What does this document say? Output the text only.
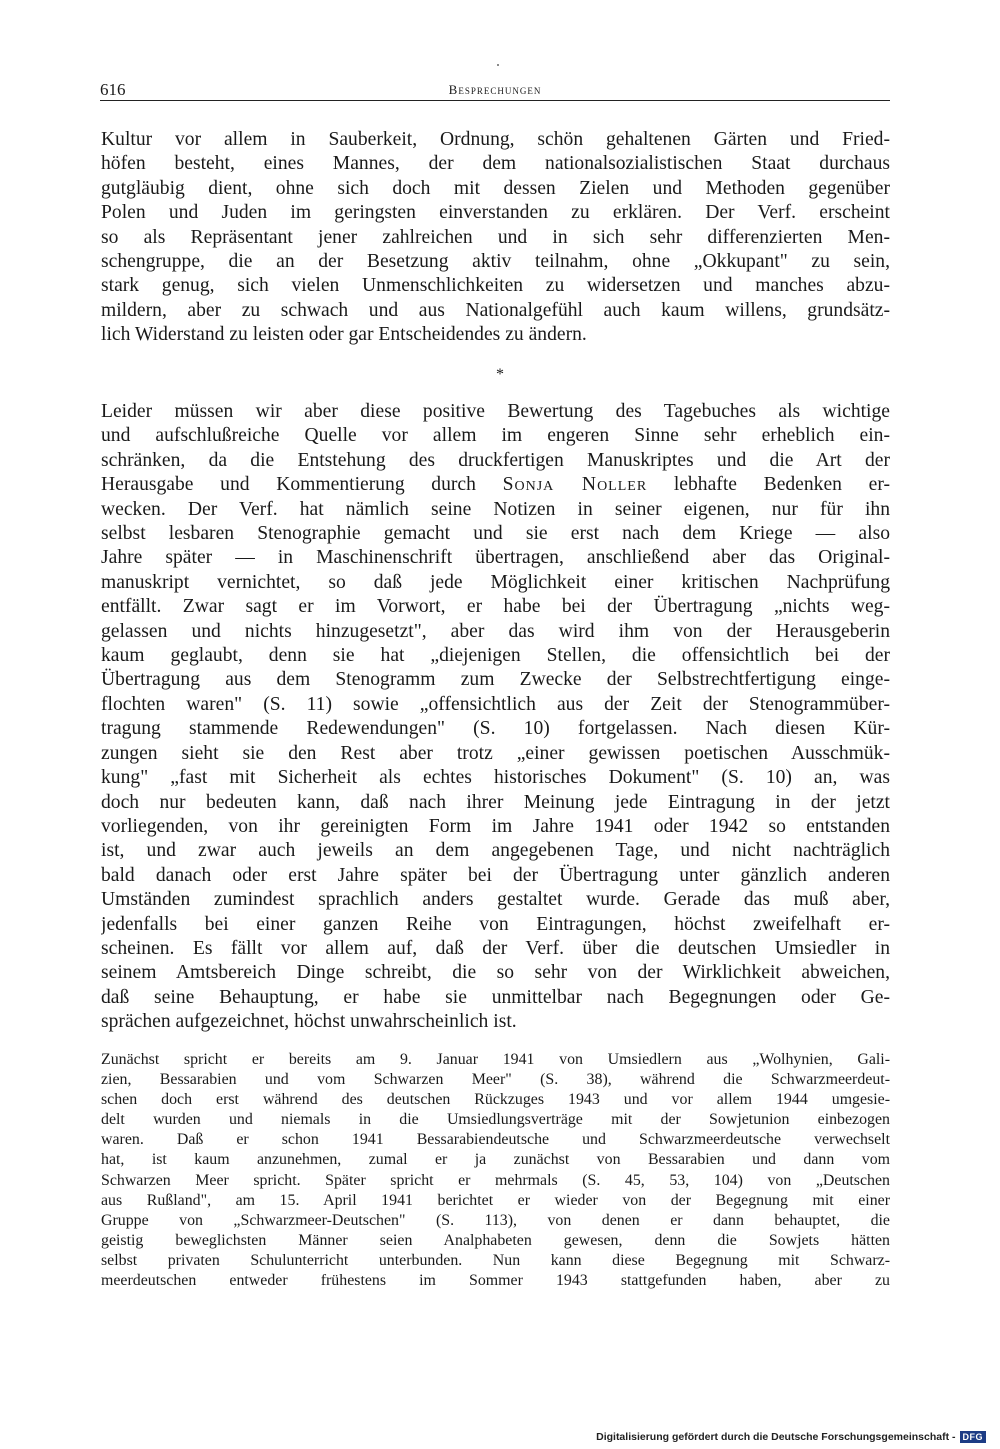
616	Besprechungen
Kultur vor allem in Sauberkeit, Ordnung, schön gehaltenen Gärten und Fried-
höfen besteht, eines Mannes, der dem nationalsozialistischen Staat durchaus
gutgläubig dient, ohne sich doch mit dessen Zielen und Methoden gegenüber
Polen und Juden im geringsten einverstanden zu erklären. Der Verf. erscheint
so als Repräsentant jener zahlreichen und in sich sehr differenzierten Men-
schengruppe, die an der Besetzung aktiv teilnahm, ohne „Okkupant" zu sein,
stark genug, sich vielen Unmenschlichkeiten zu widersetzen und manches abzu-
mildern, aber zu schwach und aus Nationalgefühl auch kaum willens, grundsätz-
lich Widerstand zu leisten oder gar Entscheidendes zu ändern.
*
Leider müssen wir aber diese positive Bewertung des Tagebuches als wichtige
und aufschlußreiche Quelle vor allem im engeren Sinne sehr erheblich ein-
schränken, da die Entstehung des druckfertigen Manuskriptes und die Art der
Herausgabe und Kommentierung durch Sonja Noller lebhafte Bedenken er-
wecken. Der Verf. hat nämlich seine Notizen in seiner eigenen, nur für ihn
selbst lesbaren Stenographie gemacht und sie erst nach dem Kriege — also
Jahre später — in Maschinenschrift übertragen, anschließend aber das Original-
manuskript vernichtet, so daß jede Möglichkeit einer kritischen Nachprüfung
entfällt. Zwar sagt er im Vorwort, er habe bei der Übertragung „nichts weg-
gelassen und nichts hinzugesetzt", aber das wird ihm von der Herausgeberin
kaum geglaubt, denn sie hat „diejenigen Stellen, die offensichtlich bei der
Übertragung aus dem Stenogramm zum Zwecke der Selbstrechtfertigung einge-
flochten waren" (S. 11) sowie „offensichtlich aus der Zeit der Stenogrammüber-
tragung stammende Redewendungen" (S. 10) fortgelassen. Nach diesen Kür-
zungen sieht sie den Rest aber trotz „einer gewissen poetischen Ausschmük-
kung" „fast mit Sicherheit als echtes historisches Dokument" (S. 10) an, was
doch nur bedeuten kann, daß nach ihrer Meinung jede Eintragung in der jetzt
vorliegenden, von ihr gereinigten Form im Jahre 1941 oder 1942 so entstanden
ist, und zwar auch jeweils an dem angegebenen Tage, und nicht nachträglich
bald danach oder erst Jahre später bei der Übertragung unter gänzlich anderen
Umständen zumindest sprachlich anders gestaltet wurde. Gerade das muß aber,
jedenfalls bei einer ganzen Reihe von Eintragungen, höchst zweifelhaft er-
scheinen. Es fällt vor allem auf, daß der Verf. über die deutschen Umsiedler in
seinem Amtsbereich Dinge schreibt, die so sehr von der Wirklichkeit abweichen,
daß seine Behauptung, er habe sie unmittelbar nach Begegnungen oder Ge-
sprächen aufgezeichnet, höchst unwahrscheinlich ist.
Zunächst spricht er bereits am 9. Januar 1941 von Umsiedlern aus „Wolhynien, Gali-
zien, Bessarabien und vom Schwarzen Meer" (S. 38), während die Schwarzmeerdeut-
schen doch erst während des deutschen Rückzuges 1943 und vor allem 1944 umgesie-
delt wurden und niemals in die Umsiedlungsverträge mit der Sowjetunion einbezogen
waren. Daß er schon 1941 Bessarabiendeutsche und Schwarzmeerdeutsche verwechselt
hat, ist kaum anzunehmen, zumal er ja zunächst von Bessarabien und dann vom
Schwarzen Meer spricht. Später spricht er mehrmals (S. 45, 53, 104) von „Deutschen
aus Rußland", am 15. April 1941 berichtet er wieder von der Begegnung mit einer
Gruppe von „Schwarzmeer-Deutschen" (S. 113), von denen er dann behauptet, die
geistig beweglichsten Männer seien Analphabeten gewesen, denn die Sowjets hätten
selbst privaten Schulunterricht unterbunden. Nun kann diese Begegnung mit Schwarz-
meerdeutschen entweder frühestens im Sommer 1943 stattgefunden haben, aber zu
Digitalisierung gefördert durch die Deutsche Forschungsgemeinschaft - DFG
